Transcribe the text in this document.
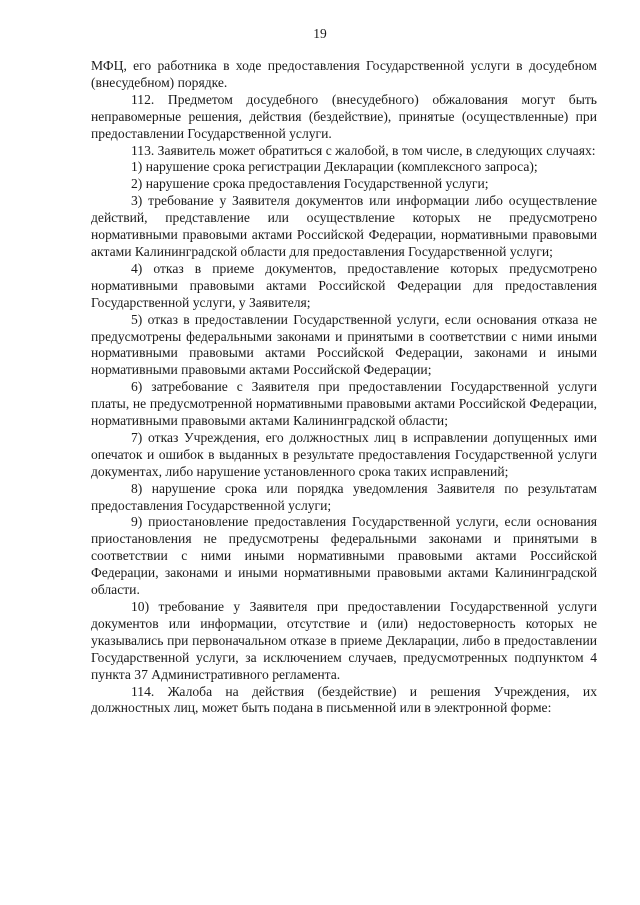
19

МФЦ, его работника в ходе предоставления Государственной услуги в досудебном (внесудебном) порядке.

112. Предметом досудебного (внесудебного) обжалования могут быть неправомерные решения, действия (бездействие), принятые (осуществленные) при предоставлении Государственной услуги.

113. Заявитель может обратиться с жалобой, в том числе, в следующих случаях:

1) нарушение срока регистрации Декларации (комплексного запроса);

2) нарушение срока предоставления Государственной услуги;

3) требование у Заявителя документов или информации либо осуществление действий, представление или осуществление которых не предусмотрено нормативными правовыми актами Российской Федерации, нормативными правовыми актами Калининградской области для предоставления Государственной услуги;

4) отказ в приеме документов, предоставление которых предусмотрено нормативными правовыми актами Российской Федерации для предоставления Государственной услуги, у Заявителя;

5) отказ в предоставлении Государственной услуги, если основания отказа не предусмотрены федеральными законами и принятыми в соответствии с ними иными нормативными правовыми актами Российской Федерации, законами и иными нормативными правовыми актами Российской Федерации;

6) затребование с Заявителя при предоставлении Государственной услуги платы, не предусмотренной нормативными правовыми актами Российской Федерации, нормативными правовыми актами Калининградской области;

7) отказ Учреждения, его должностных лиц в исправлении допущенных ими опечаток и ошибок в выданных в результате предоставления Государственной услуги документах, либо нарушение установленного срока таких исправлений;

8) нарушение срока или порядка уведомления Заявителя по результатам предоставления Государственной услуги;

9) приостановление предоставления Государственной услуги, если основания приостановления не предусмотрены федеральными законами и принятыми в соответствии с ними иными нормативными правовыми актами Российской Федерации, законами и иными нормативными правовыми актами Калининградской области.

10) требование у Заявителя при предоставлении Государственной услуги документов или информации, отсутствие и (или) недостоверность которых не указывались при первоначальном отказе в приеме Декларации, либо в предоставлении Государственной услуги, за исключением случаев, предусмотренных подпунктом 4 пункта 37 Административного регламента.

114. Жалоба на действия (бездействие) и решения Учреждения, их должностных лиц, может быть подана в письменной или в электронной форме:
